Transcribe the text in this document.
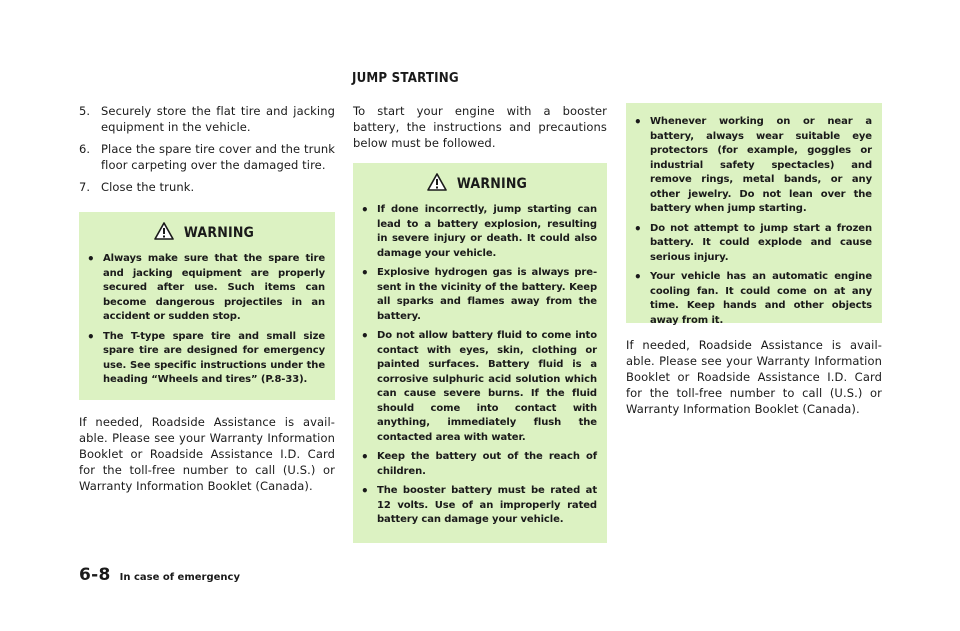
JUMP STARTING
5. Securely store the flat tire and jacking equipment in the vehicle.
6. Place the spare tire cover and the trunk floor carpeting over the damaged tire.
7. Close the trunk.
WARNING
• Always make sure that the spare tire and jacking equipment are properly secured after use. Such items can become dangerous projectiles in an accident or sudden stop.
• The T-type spare tire and small size spare tire are designed for emergency use. See specific instructions under the heading “Wheels and tires” (P.8-33).

If needed, Roadside Assistance is avail-able. Please see your Warranty Information Booklet or Roadside Assistance I.D. Card for the toll-free number to call (U.S.) or Warranty Information Booklet (Canada).

To start your engine with a booster battery, the instructions and precautions below must be followed.

WARNING
• If done incorrectly, jump starting can lead to a battery explosion, resulting in severe injury or death. It could also damage your vehicle.
• Explosive hydrogen gas is always pre-sent in the vicinity of the battery. Keep all sparks and flames away from the battery.
• Do not allow battery fluid to come into contact with eyes, skin, clothing or painted surfaces. Battery fluid is a corrosive sulphuric acid solution which can cause severe burns. If the fluid should come into contact with anything, immediately flush the contacted area with water.
• Keep the battery out of the reach of children.
• The booster battery must be rated at 12 volts. Use of an improperly rated battery can damage your vehicle.
• Whenever working on or near a battery, always wear suitable eye protectors (for example, goggles or industrial safety spectacles) and remove rings, metal bands, or any other jewelry. Do not lean over the battery when jump starting.
• Do not attempt to jump start a frozen battery. It could explode and cause serious injury.
• Your vehicle has an automatic engine cooling fan. It could come on at any time. Keep hands and other objects away from it.

If needed, Roadside Assistance is avail-able. Please see your Warranty Information Booklet or Roadside Assistance I.D. Card for the toll-free number to call (U.S.) or Warranty Information Booklet (Canada).

6-8 In case of emergency
